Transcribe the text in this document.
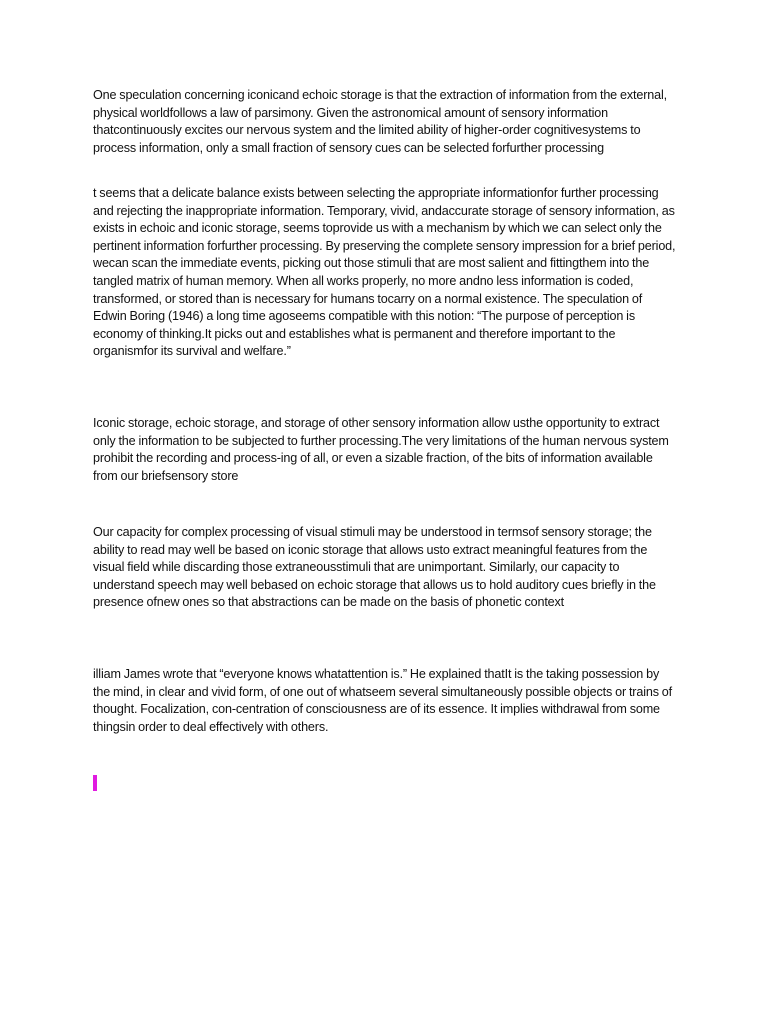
One speculation concerning iconicand echoic storage is that the extraction of information from the external, physical worldfollows a law of parsimony. Given the astronomical amount of sensory information thatcontinuously excites our nervous system and the limited ability of higher-order cognitivesystems to process information, only a small fraction of sensory cues can be selected forfurther processing

t seems that a delicate balance exists between selecting the appropriate informationfor further processing and rejecting the inappropriate information. Temporary, vivid, andaccurate storage of sensory information, as exists in echoic and iconic storage, seems toprovide us with a mechanism by which we can select only the pertinent information forfurther processing. By preserving the complete sensory impression for a brief period, wecan scan the immediate events, picking out those stimuli that are most salient and fittingthem into the tangled matrix of human memory. When all works properly, no more andno less information is coded, transformed, or stored than is necessary for humans tocarry on a normal existence. The speculation of Edwin Boring (1946) a long time agoseems compatible with this notion: “The purpose of perception is economy of thinking.It picks out and establishes what is permanent and therefore important to the organismfor its survival and welfare.”

Iconic storage, echoic storage, and storage of other sensory information allow usthe opportunity to extract only the information to be subjected to further processing.The very limitations of the human nervous system prohibit the recording and process-ing of all, or even a sizable fraction, of the bits of information available from our briefsensory store

Our capacity for complex processing of visual stimuli may be understood in termsof sensory storage; the ability to read may well be based on iconic storage that allows usto extract meaningful features from the visual field while discarding those extraneousstimuli that are unimportant. Similarly, our capacity to understand speech may well bebased on echoic storage that allows us to hold auditory cues briefly in the presence ofnew ones so that abstractions can be made on the basis of phonetic context

illiam James wrote that “everyone knows whatattention is.” He explained thatIt is the taking possession by the mind, in clear and vivid form, of one out of whatseem several simultaneously possible objects or trains of thought. Focalization, con-centration of consciousness are of its essence. It implies withdrawal from some thingsin order to deal effectively with others.
